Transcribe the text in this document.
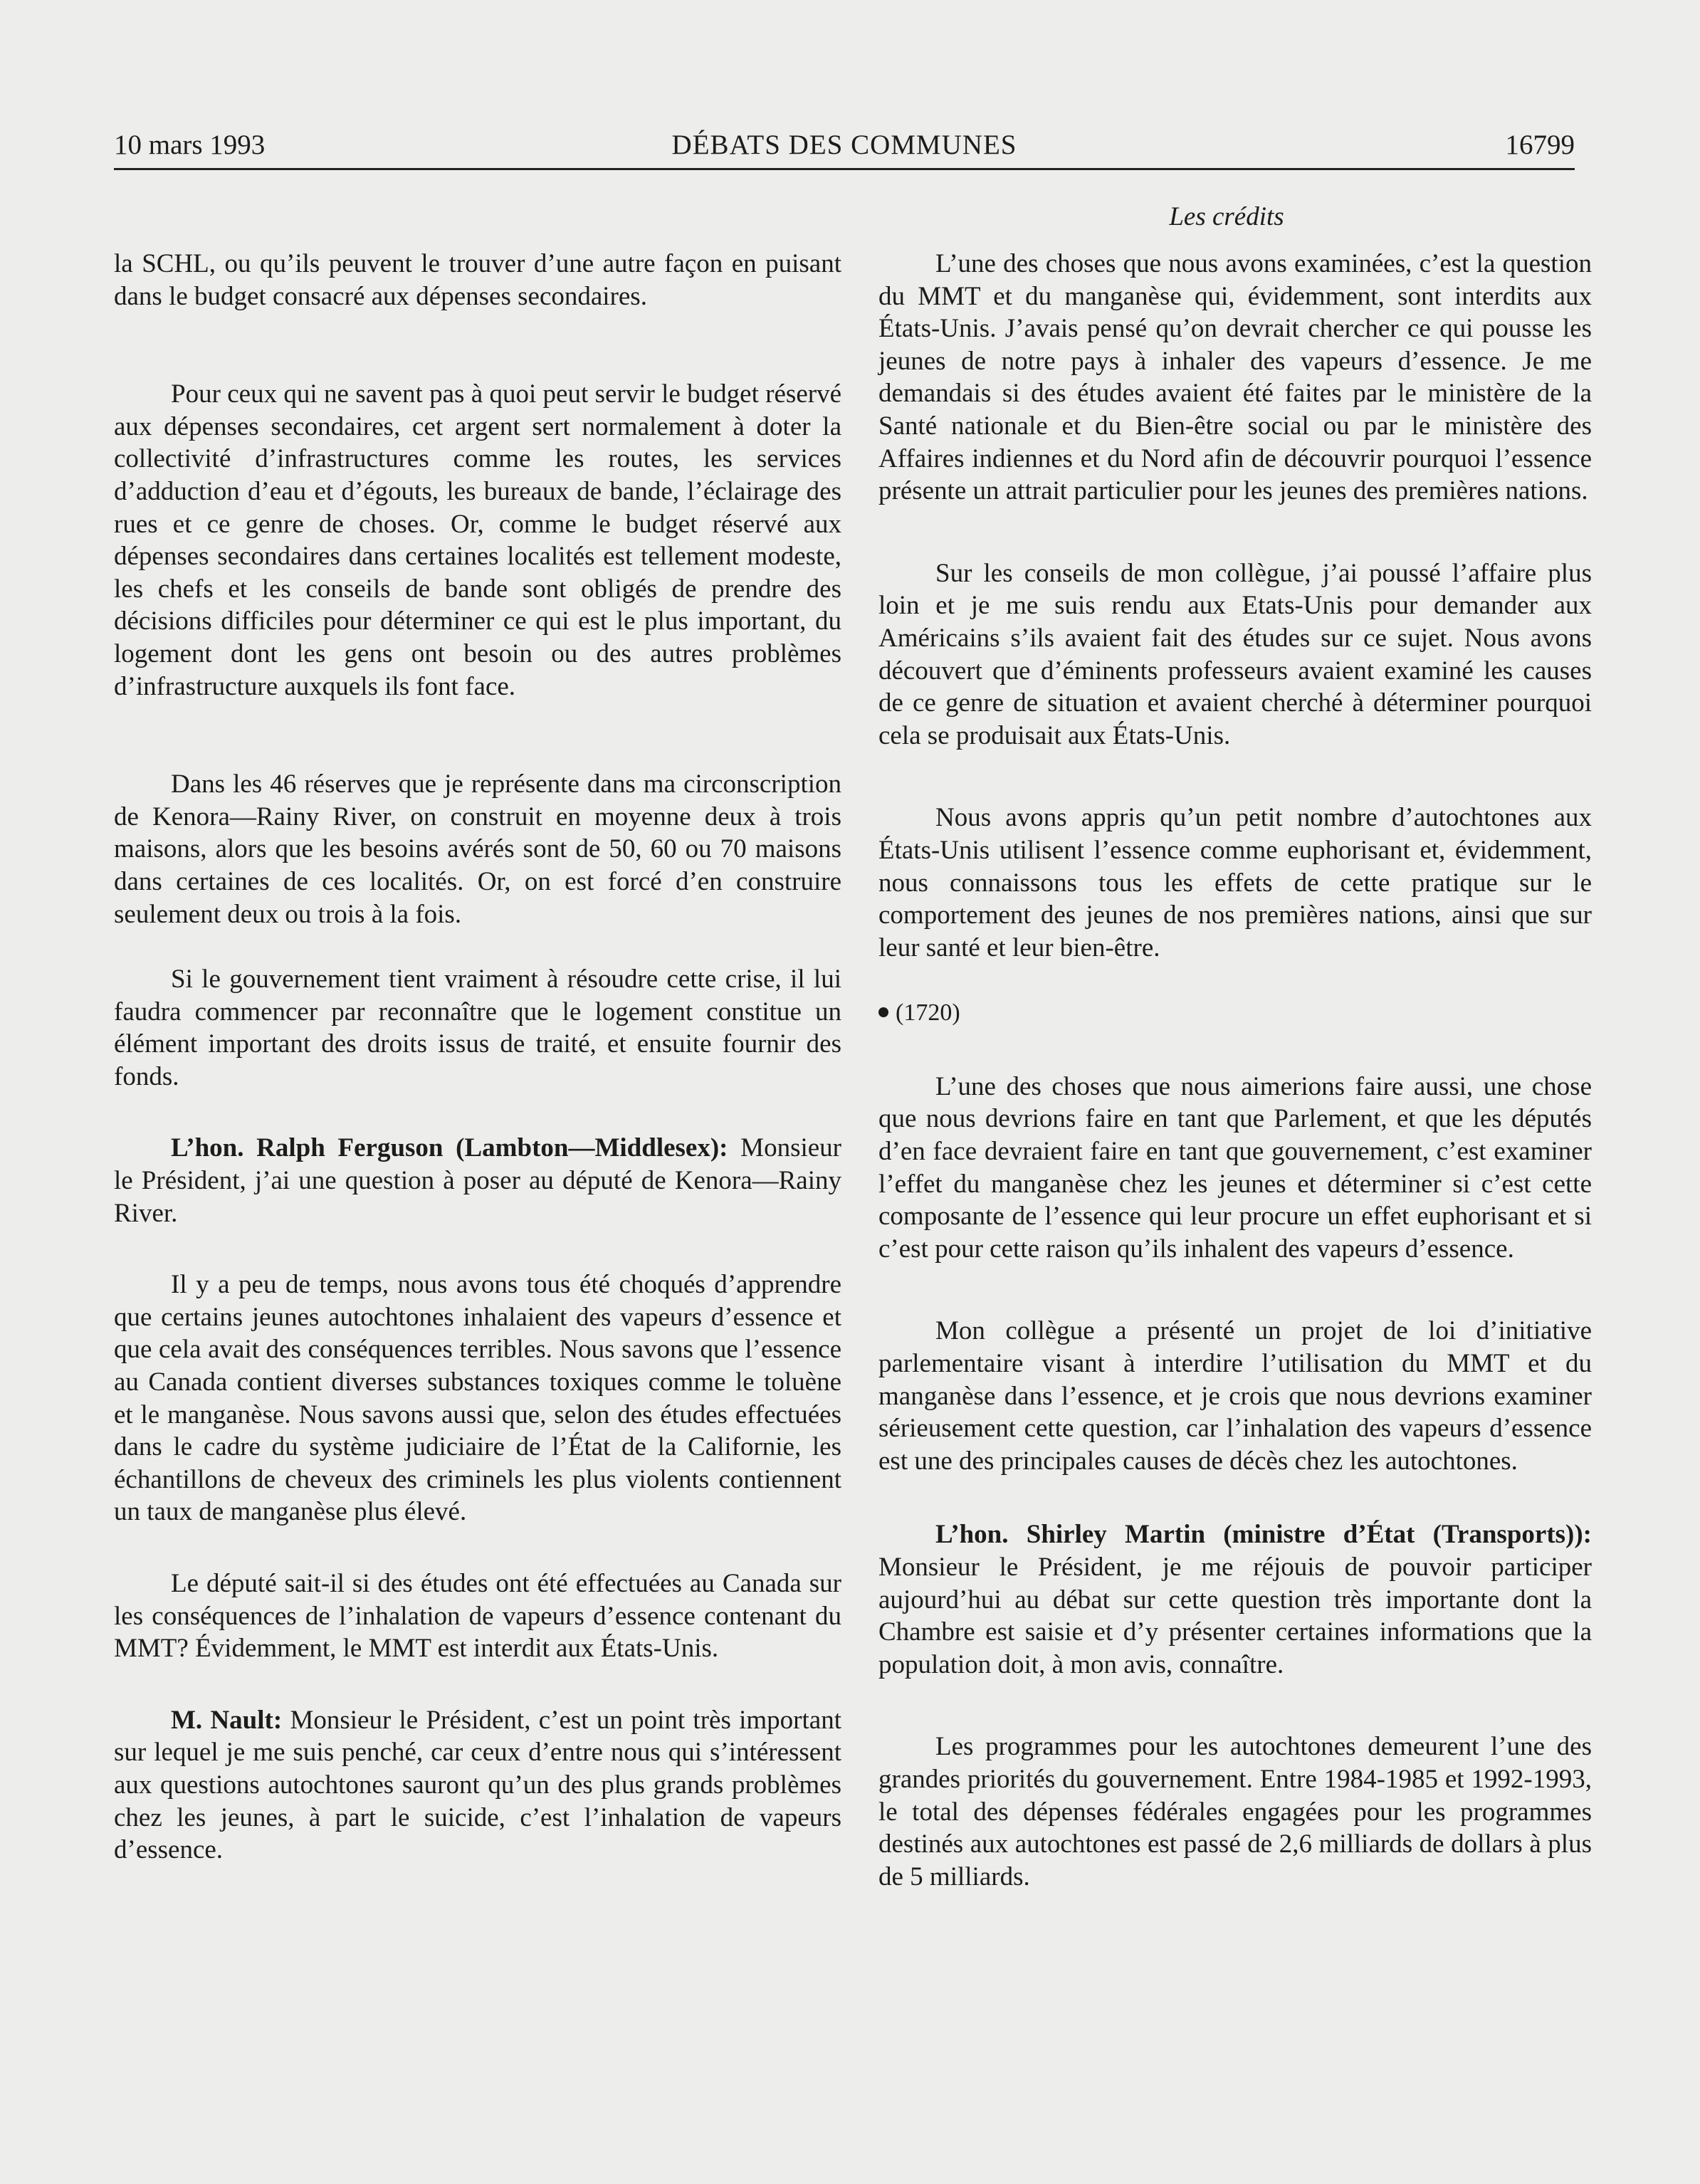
10 mars 1993	DÉBATS DES COMMUNES	16799
Les crédits

la SCHL, ou qu’ils peuvent le trouver d’une autre façon en puisant dans le budget consacré aux dépenses secondaires.

Pour ceux qui ne savent pas à quoi peut servir le budget réservé aux dépenses secondaires, cet argent sert normalement à doter la collectivité d’infrastructures comme les routes, les services d’adduction d’eau et d’égouts, les bureaux de bande, l’éclairage des rues et ce genre de choses. Or, comme le budget réservé aux dépenses secondaires dans certaines localités est tellement modeste, les chefs et les conseils de bande sont obligés de prendre des décisions difficiles pour déterminer ce qui est le plus important, du logement dont les gens ont besoin ou des autres problèmes d’infrastructure auxquels ils font face.

Dans les 46 réserves que je représente dans ma circonscription de Kenora—Rainy River, on construit en moyenne deux à trois maisons, alors que les besoins avérés sont de 50, 60 ou 70 maisons dans certaines de ces localités. Or, on est forcé d’en construire seulement deux ou trois à la fois.

Si le gouvernement tient vraiment à résoudre cette crise, il lui faudra commencer par reconnaître que le logement constitue un élément important des droits issus de traité, et ensuite fournir des fonds.

L’hon. Ralph Ferguson (Lambton—Middlesex): Monsieur le Président, j’ai une question à poser au député de Kenora—Rainy River.

Il y a peu de temps, nous avons tous été choqués d’apprendre que certains jeunes autochtones inhalaient des vapeurs d’essence et que cela avait des conséquences terribles. Nous savons que l’essence au Canada contient diverses substances toxiques comme le toluène et le manganèse. Nous savons aussi que, selon des études effectuées dans le cadre du système judiciaire de l’État de la Californie, les échantillons de cheveux des criminels les plus violents contiennent un taux de manganèse plus élevé.

Le député sait-il si des études ont été effectuées au Canada sur les conséquences de l’inhalation de vapeurs d’essence contenant du MMT? Évidemment, le MMT est interdit aux États-Unis.

M. Nault: Monsieur le Président, c’est un point très important sur lequel je me suis penché, car ceux d’entre nous qui s’intéressent aux questions autochtones sauront qu’un des plus grands problèmes chez les jeunes, à part le suicide, c’est l’inhalation de vapeurs d’essence.

L’une des choses que nous avons examinées, c’est la question du MMT et du manganèse qui, évidemment, sont interdits aux États-Unis. J’avais pensé qu’on devrait chercher ce qui pousse les jeunes de notre pays à inhaler des vapeurs d’essence. Je me demandais si des études avaient été faites par le ministère de la Santé nationale et du Bien-être social ou par le ministère des Affaires indiennes et du Nord afin de découvrir pourquoi l’essence présente un attrait particulier pour les jeunes des premières nations.

Sur les conseils de mon collègue, j’ai poussé l’affaire plus loin et je me suis rendu aux Etats-Unis pour demander aux Américains s’ils avaient fait des études sur ce sujet. Nous avons découvert que d’éminents professeurs avaient examiné les causes de ce genre de situation et avaient cherché à déterminer pourquoi cela se produisait aux États-Unis.

Nous avons appris qu’un petit nombre d’autochtones aux États-Unis utilisent l’essence comme euphorisant et, évidemment, nous connaissons tous les effets de cette pratique sur le comportement des jeunes de nos premières nations, ainsi que sur leur santé et leur bien-être.

(1720)

L’une des choses que nous aimerions faire aussi, une chose que nous devrions faire en tant que Parlement, et que les députés d’en face devraient faire en tant que gouvernement, c’est examiner l’effet du manganèse chez les jeunes et déterminer si c’est cette composante de l’essence qui leur procure un effet euphorisant et si c’est pour cette raison qu’ils inhalent des vapeurs d’essence.

Mon collègue a présenté un projet de loi d’initiative parlementaire visant à interdire l’utilisation du MMT et du manganèse dans l’essence, et je crois que nous devrions examiner sérieusement cette question, car l’inhalation des vapeurs d’essence est une des principales causes de décès chez les autochtones.

L’hon. Shirley Martin (ministre d’État (Transports)): Monsieur le Président, je me réjouis de pouvoir participer aujourd’hui au débat sur cette question très importante dont la Chambre est saisie et d’y présenter certaines informations que la population doit, à mon avis, connaître.

Les programmes pour les autochtones demeurent l’une des grandes priorités du gouvernement. Entre 1984-1985 et 1992-1993, le total des dépenses fédérales engagées pour les programmes destinés aux autochtones est passé de 2,6 milliards de dollars à plus de 5 milliards.
